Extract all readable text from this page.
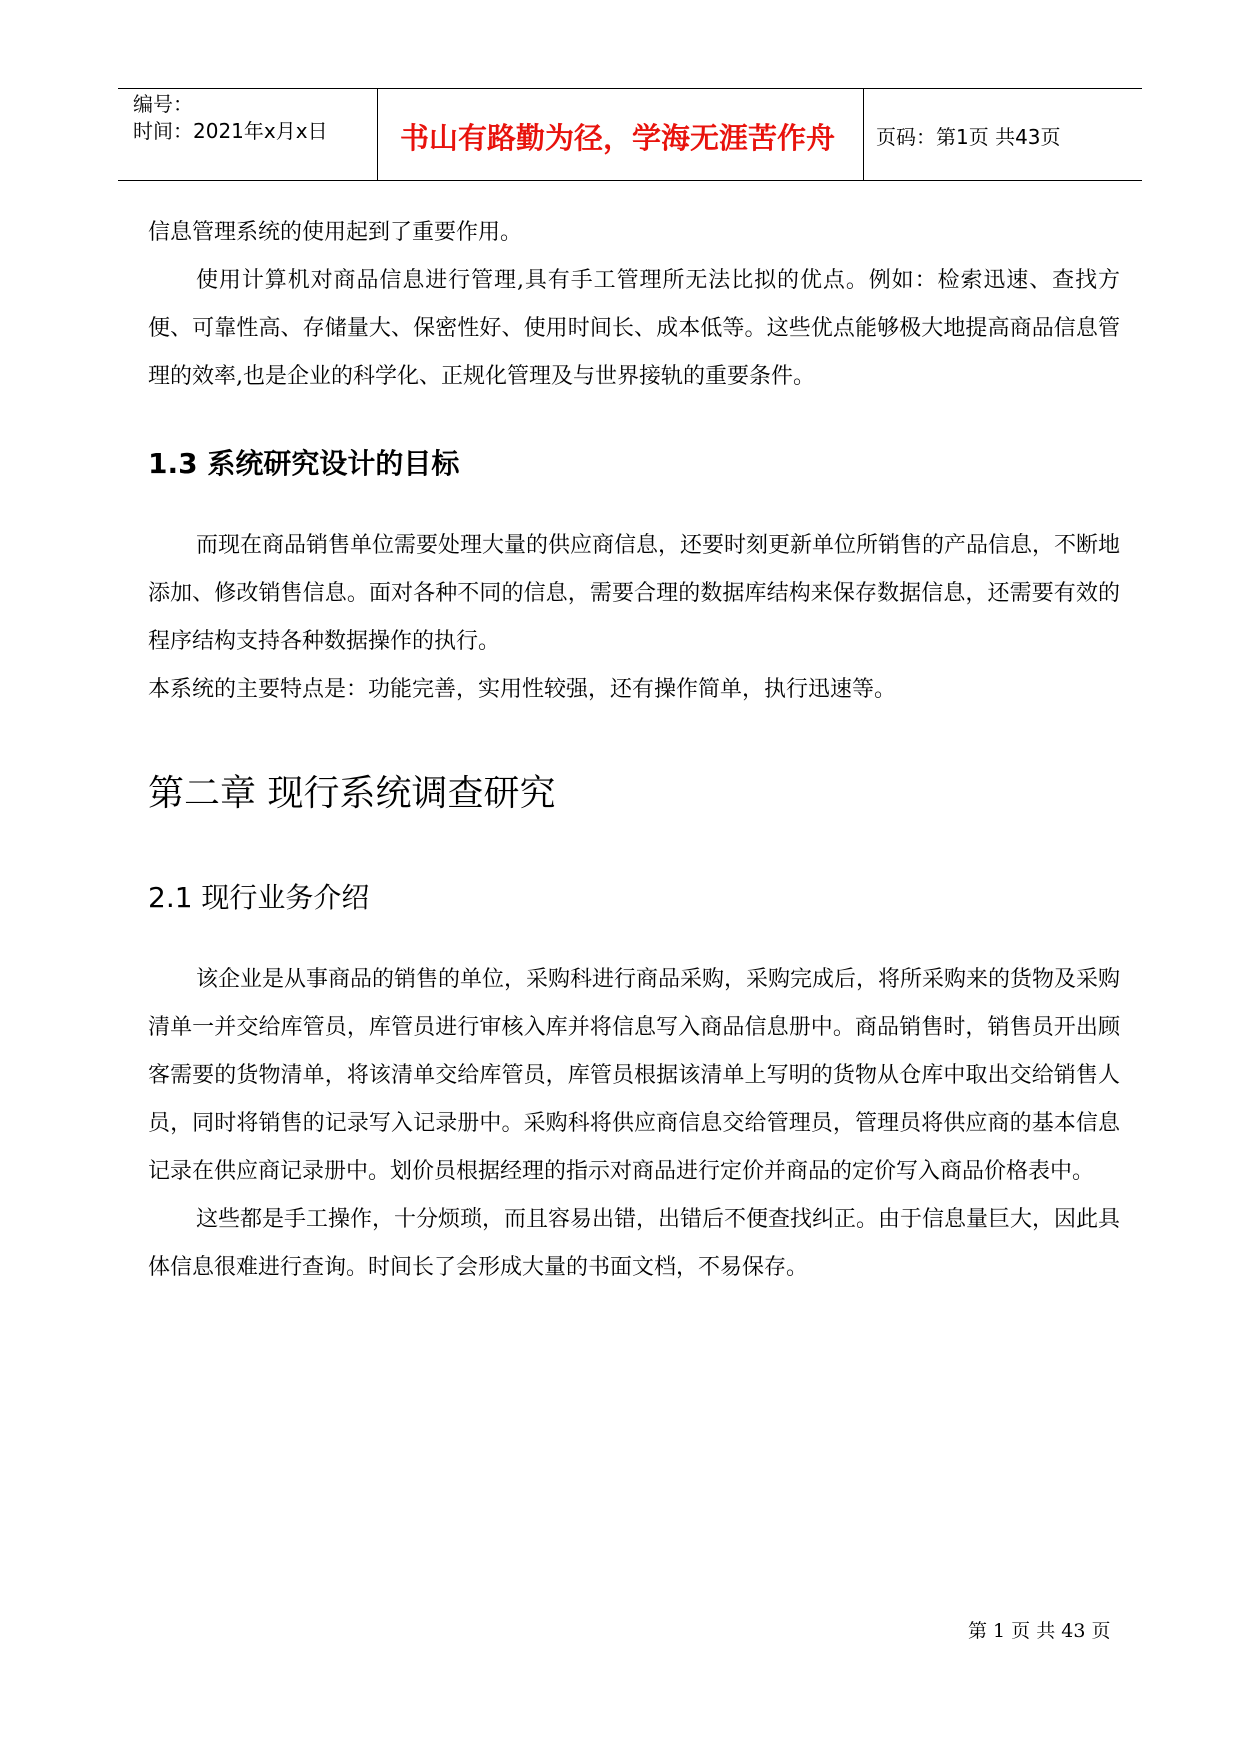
编号：
时间：2021年x月x日 书山有路勤为径，学海无涯苦作舟 页码：第1页 共43页

信息管理系统的使用起到了重要作用。

使用计算机对商品信息进行管理,具有手工管理所无法比拟的优点。例如：检索迅速、查找方便、可靠性高、存储量大、保密性好、使用时间长、成本低等。这些优点能够极大地提高商品信息管理的效率,也是企业的科学化、正规化管理及与世界接轨的重要条件。

1.3 系统研究设计的目标

而现在商品销售单位需要处理大量的供应商信息，还要时刻更新单位所销售的产品信息，不断地添加、修改销售信息。面对各种不同的信息，需要合理的数据库结构来保存数据信息，还需要有效的程序结构支持各种数据操作的执行。

本系统的主要特点是：功能完善，实用性较强，还有操作简单，执行迅速等。

第二章 现行系统调查研究
2.1 现行业务介绍

该企业是从事商品的销售的单位，采购科进行商品采购，采购完成后，将所采购来的货物及采购清单一并交给库管员，库管员进行审核入库并将信息写入商品信息册中。商品销售时，销售员开出顾客需要的货物清单，将该清单交给库管员，库管员根据该清单上写明的货物从仓库中取出交给销售人员，同时将销售的记录写入记录册中。采购科将供应商信息交给管理员，管理员将供应商的基本信息记录在供应商记录册中。划价员根据经理的指示对商品进行定价并商品的定价写入商品价格表中。

这些都是手工操作，十分烦琐，而且容易出错，出错后不便查找纠正。由于信息量巨大，因此具体信息很难进行查询。时间长了会形成大量的书面文档，不易保存。

第 1 页 共 43 页
